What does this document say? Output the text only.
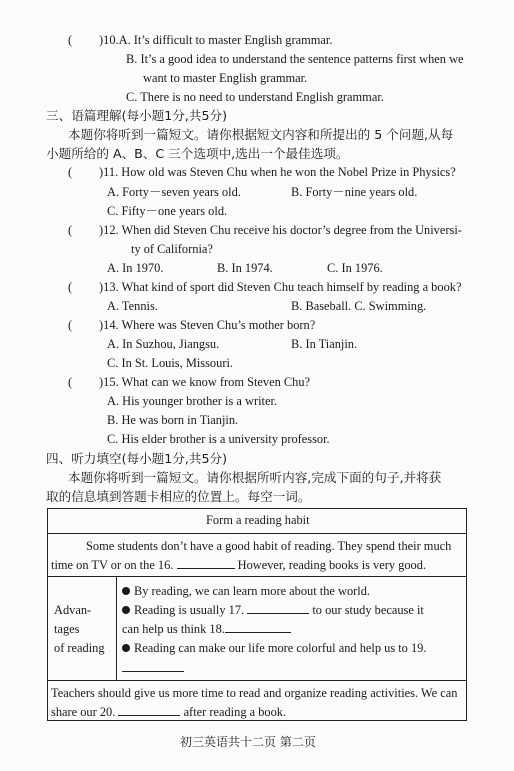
( )10.A. It’s difficult to master English grammar.
B. It’s a good idea to understand the sentence patterns first when we
want to master English grammar.
C. There is no need to understand English grammar.
三、语篇理解(每小题1分,共5分)
本题你将听到一篇短文。请你根据短文内容和所提出的 5 个问题,从每
小题所给的 A、B、C 三个选项中,选出一个最佳选项。
( )11. How old was Steven Chu when he won the Nobel Prize in Physics?
A. Forty－seven years old.	B. Forty－nine years old.
C. Fifty－one years old.
( )12. When did Steven Chu receive his doctor’s degree from the Universi-
ty of California?
A. In 1970.	B. In 1974.	C. In 1976.
( )13. What kind of sport did Steven Chu teach himself by reading a book?
A. Tennis.	B. Baseball. C. Swimming.
( )14. Where was Steven Chu’s mother born?
A. In Suzhou, Jiangsu.	B. In Tianjin.
C. In St. Louis, Missouri.
( )15. What can we know from Steven Chu?
A. His younger brother is a writer.
B. He was born in Tianjin.
C. His elder brother is a university professor.
四、听力填空(每小题1分,共5分)
本题你将听到一篇短文。请你根据所听内容,完成下面的句子,并将获
取的信息填到答题卡相应的位置上。每空一词。
Form a reading habit
Some students don’t have a good habit of reading. They spend their much
time on TV or on the 16.	However, reading books is very good.
Advan-
tages
of reading
By reading, we can learn more about the world.
Reading is usually 17.	to our study because it
can help us think 18.
Reading can make our life more colorful and help us to 19.
Teachers should give us more time to read and organize reading activities. We can
share our 20.	after reading a book.
初三英语共十二页 第二页
